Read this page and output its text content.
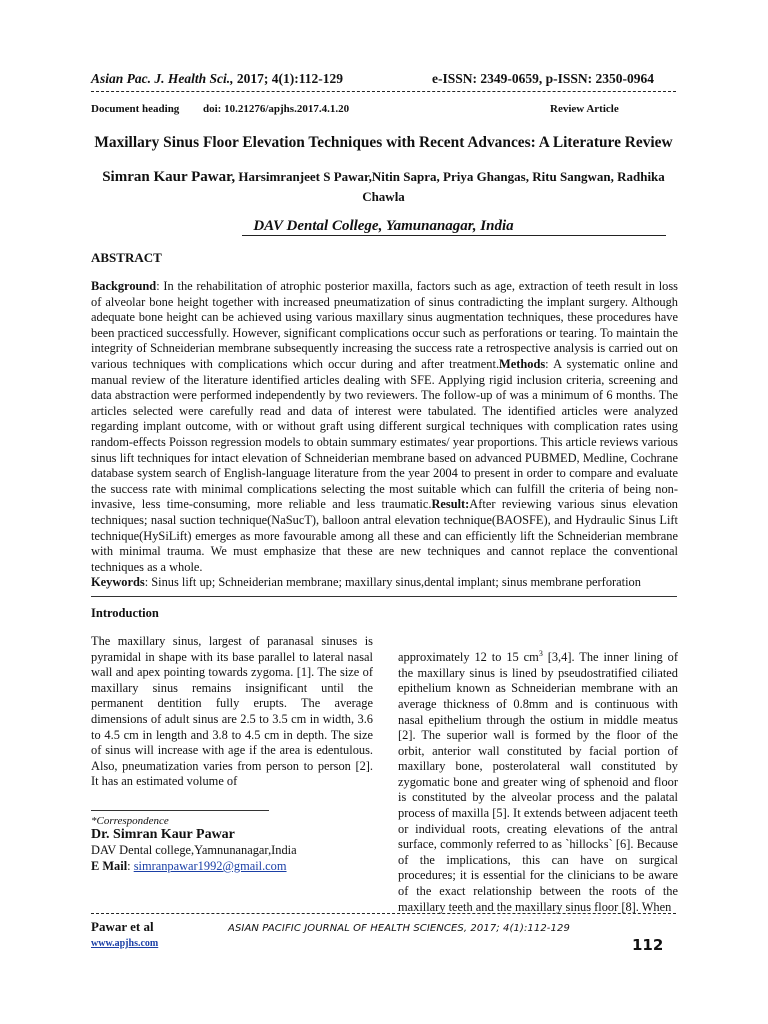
Asian Pac. J. Health Sci., 2017; 4(1):112-129	e-ISSN: 2349-0659, p-ISSN: 2350-0964
Document heading doi: 10.21276/apjhs.2017.4.1.20	Review Article
Maxillary Sinus Floor Elevation Techniques with Recent Advances: A Literature Review
Simran Kaur Pawar, Harsimranjeet S Pawar,Nitin Sapra, Priya Ghangas, Ritu Sangwan, Radhika
Chawla
DAV Dental College, Yamunanagar, India
ABSTRACT
Background: In the rehabilitation of atrophic posterior maxilla, factors such as age, extraction of teeth result in loss of alveolar bone height together with increased pneumatization of sinus contradicting the implant surgery. Although adequate bone height can be achieved using various maxillary sinus augmentation techniques, these procedures have been practiced successfully. However, significant complications occur such as perforations or tearing. To maintain the integrity of Schneiderian membrane subsequently increasing the success rate a retrospective analysis is carried out on various techniques with complications which occur during and after treatment.Methods: A systematic online and manual review of the literature identified articles dealing with SFE. Applying rigid inclusion criteria, screening and data abstraction were performed independently by two reviewers. The follow-up of was a minimum of 6 months. The articles selected were carefully read and data of interest were tabulated. The identified articles were analyzed regarding implant outcome, with or without graft using different surgical techniques with complication rates using random-effects Poisson regression models to obtain summary estimates/ year proportions. This article reviews various sinus lift techniques for intact elevation of Schneiderian membrane based on advanced PUBMED, Medline, Cochrane database system search of English-language literature from the year 2004 to present in order to compare and evaluate the success rate with minimal complications selecting the most suitable which can fulfill the criteria of being non-invasive, less time-consuming, more reliable and less traumatic.Result:After reviewing various sinus elevation techniques; nasal suction technique(NaSucT), balloon antral elevation technique(BAOSFE), and Hydraulic Sinus Lift technique(HySiLift) emerges as more favourable among all these and can efficiently lift the Schneiderian membrane with minimal trauma. We must emphasize that these are new techniques and cannot replace the conventional techniques as a whole.
Keywords: Sinus lift up; Schneiderian membrane; maxillary sinus,dental implant; sinus membrane perforation
Introduction

The maxillary sinus, largest of paranasal sinuses is pyramidal in shape with its base parallel to lateral nasal wall and apex pointing towards zygoma. [1]. The size of maxillary sinus remains insignificant until the permanent dentition fully erupts. The average dimensions of adult sinus are 2.5 to 3.5 cm in width, 3.6 to 4.5 cm in length and 3.8 to 4.5 cm in depth. The size of sinus will increase with age if the area is edentulous. Also, pneumatization varies from person to person [2]. It has an estimated volume of

approximately 12 to 15 $cm^3$ [3,4]. The inner lining of the maxillary sinus is lined by pseudostratified ciliated epithelium known as Schneiderian membrane with an average thickness of 0.8mm and is continuous with nasal epithelium through the ostium in middle meatus [2]. The superior wall is formed by the floor of the orbit, anterior wall constituted by facial portion of maxillary bone, posterolateral wall constituted by zygomatic bone and greater wing of sphenoid and floor is constituted by the alveolar process and the palatal process of maxilla [5]. It extends between adjacent teeth or individual roots, creating elevations of the antral surface, commonly referred to as `hillocks` [6]. Because of the implications, this can have on surgical procedures; it is essential for the clinicians to be aware of the exact relationship between the roots of the maxillary teeth and the maxillary sinus floor [8]. When

*Correspondence
Dr. Simran Kaur Pawar
DAV Dental college,Yamnunanagar,India
E Mail: simranpawar1992@gmail.com
Pawar et al	ASIAN PACIFIC JOURNAL OF HEALTH SCIENCES, 2017; 4(1):112-129
www.apjhs.com	112
